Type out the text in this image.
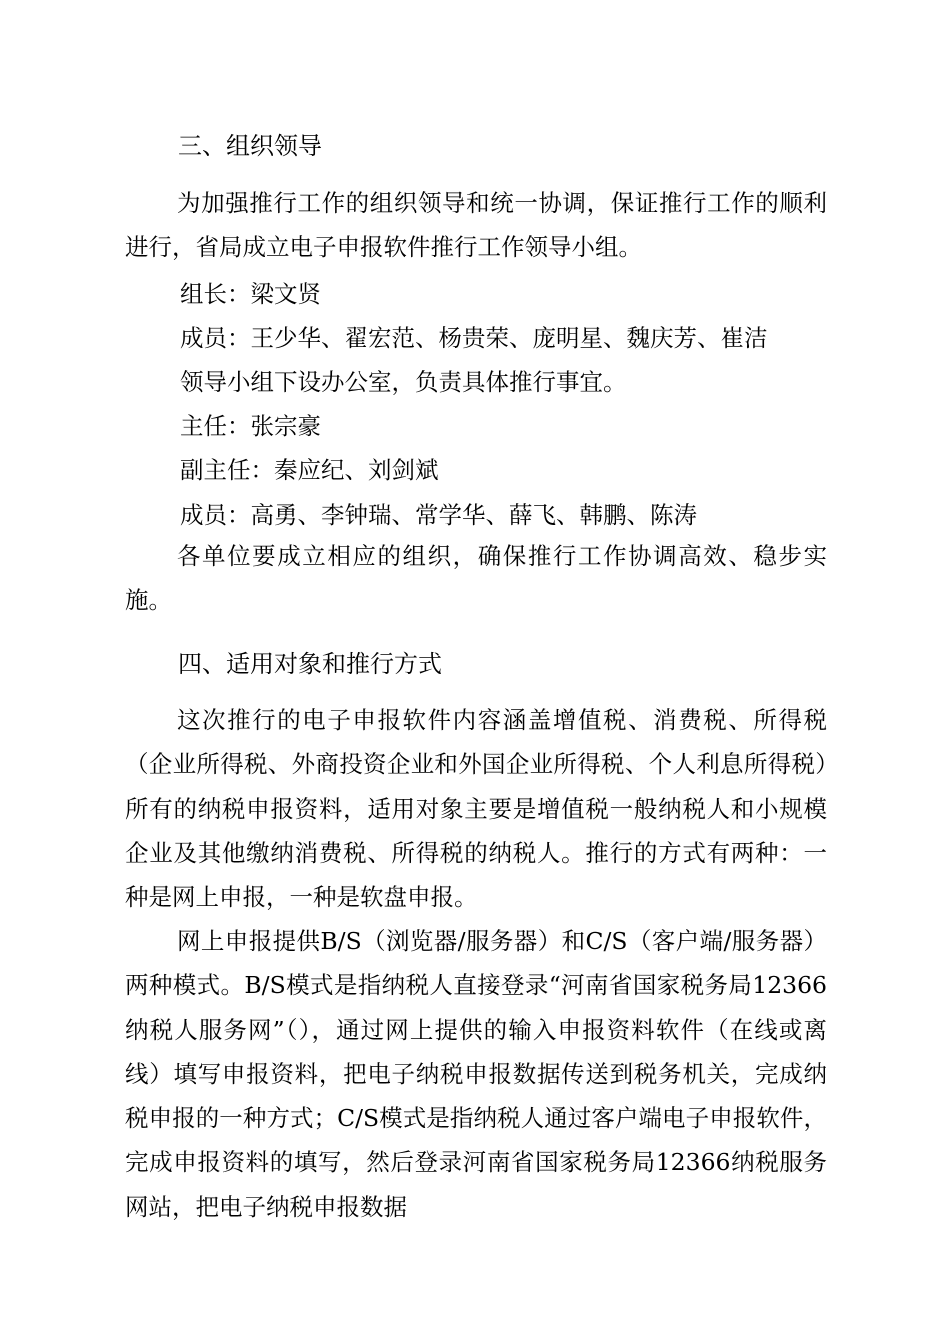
三、组织领导

为加强推行工作的组织领导和统一协调，保证推行工作的顺利进行，省局成立电子申报软件推行工作领导小组。

组长：梁文贤
成员：王少华、翟宏范、杨贵荣、庞明星、魏庆芳、崔洁
领导小组下设办公室，负责具体推行事宜。
主任：张宗豪
副主任：秦应纪、刘剑斌
成员：高勇、李钟瑞、常学华、薛飞、韩鹏、陈涛

各单位要成立相应的组织，确保推行工作协调高效、稳步实施。

四、适用对象和推行方式

这次推行的电子申报软件内容涵盖增值税、消费税、所得税（企业所得税、外商投资企业和外国企业所得税、个人利息所得税）所有的纳税申报资料，适用对象主要是增值税一般纳税人和小规模企业及其他缴纳消费税、所得税的纳税人。推行的方式有两种：一种是网上申报，一种是软盘申报。

网上申报提供B/S（浏览器/服务器）和C/S（客户端/服务器）两种模式。B/S模式是指纳税人直接登录“河南省国家税务局12366纳税人服务网”（），通过网上提供的输入申报资料软件（在线或离线）填写申报资料，把电子纳税申报数据传送到税务机关，完成纳税申报的一种方式；C/S模式是指纳税人通过客户端电子申报软件，完成申报资料的填写，然后登录河南省国家税务局12366纳税服务网站，把电子纳税申报数据
